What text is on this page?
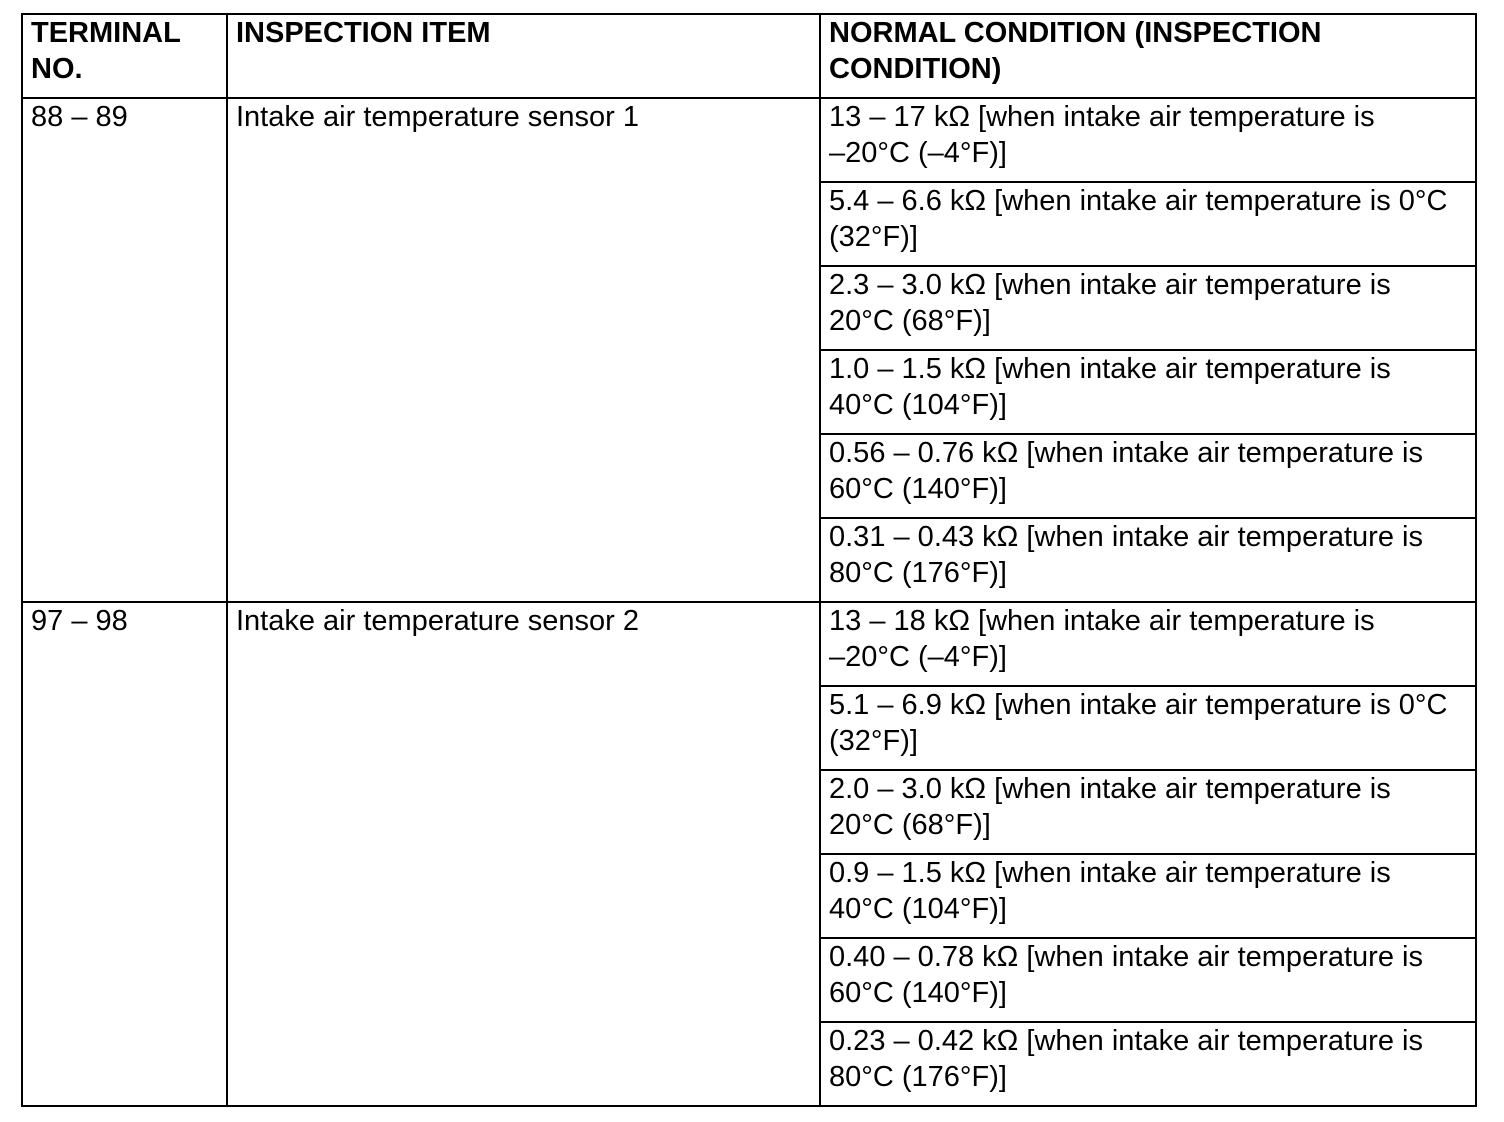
TERMINAL
NO.	INSPECTION ITEM	NORMAL CONDITION (INSPECTION
CONDITION)

88 – 89	Intake air temperature sensor 1	13 – 17 kΩ [when intake air temperature is
–20°C (–4°F)]

		5.4 – 6.6 kΩ [when intake air temperature is 0°C
(32°F)]

		2.3 – 3.0 kΩ [when intake air temperature is
20°C (68°F)]

		1.0 – 1.5 kΩ [when intake air temperature is
40°C (104°F)]

		0.56 – 0.76 kΩ [when intake air temperature is
60°C (140°F)]

		0.31 – 0.43 kΩ [when intake air temperature is
80°C (176°F)]

97 – 98	Intake air temperature sensor 2	13 – 18 kΩ [when intake air temperature is
–20°C (–4°F)]

		5.1 – 6.9 kΩ [when intake air temperature is 0°C
(32°F)]

		2.0 – 3.0 kΩ [when intake air temperature is
20°C (68°F)]

		0.9 – 1.5 kΩ [when intake air temperature is
40°C (104°F)]

		0.40 – 0.78 kΩ [when intake air temperature is
60°C (140°F)]

		0.23 – 0.42 kΩ [when intake air temperature is
80°C (176°F)]
